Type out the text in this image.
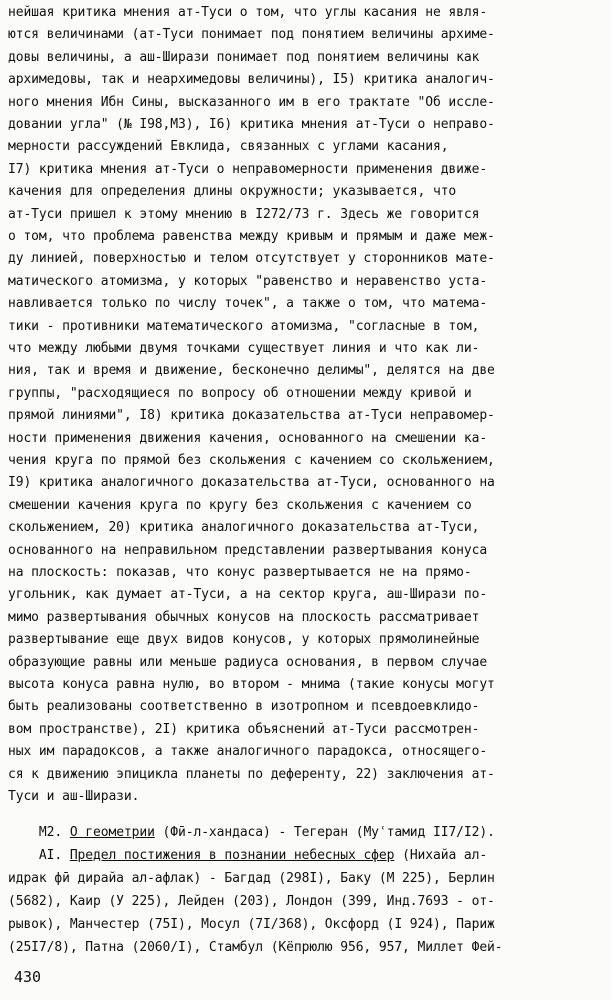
нейшая критика мнения ат-Туси о том, что углы касания не явля-
ются величинами (ат-Туси понимает под понятием величины архиме-
довы величины, а аш-Ширази понимает под понятием величины как
архимедовы, так и неархимедовы величины), I5) критика аналогич-
ного мнения Ибн Сины, высказанного им в его трактате "Об иссле-
довании угла" (№ I98,M3), I6) критика мнения ат-Туси о неправо-
мерности рассуждений Евклида, связанных с углами касания,
I7) критика мнения ат-Туси о неправомерности применения движе-
качения для определения длины окружности; указывается, что
ат-Туси пришел к этому мнению в I272/73 г. Здесь же говорится
о том, что проблема равенства между кривым и прямым и даже меж-
ду линией, поверхностью и телом отсутствует у сторонников мате-
матического атомизма, у которых "равенство и неравенство уста-
навливается только по числу точек", а также о том, что матема-
тики - противники математического атомизма, "согласные в том,
что между любыми двумя точками существует линия и что как ли-
ния, так и время и движение, бесконечно делимы", делятся на две
группы, "расходящиеся по вопросу об отношении между кривой и
прямой линиями", I8) критика доказательства ат-Туси неправомер-
ности применения движения качения, основанного на смешении ка-
чения круга по прямой без скольжения с качением со скольжением,
I9) критика аналогичного доказательства ат-Туси, основанного на
смешении качения круга по кругу без скольжения с качением со
скольжением, 20) критика аналогичного доказательства ат-Туси,
основанного на неправильном представлении развертывания конуса
на плоскость: показав, что конус развертывается не на прямо-
угольник, как думает ат-Туси, а на сектор круга, аш-Ширази по-
мимо развертывания обычных конусов на плоскость рассматривает
развертывание еще двух видов конусов, у которых прямолинейные
образующие равны или меньше радиуса основания, в первом случае
высота конуса равна нулю, во втором - мнима (такие конусы могут
быть реализованы соответственно в изотропном и псевдоевклидо-
вом пространстве), 2I) критика объяснений ат-Туси рассмотрен-
ных им парадоксов, а также аналогичного парадокса, относящего-
ся к движению эпицикла планеты по деференту, 22) заключения ат-
Туси и аш-Ширази.
M2. О геометрии (Фӣ-л-хандаса) - Тегеран (Муʿтамид II7/I2).
AI. Предел постижения в познании небесных сфер (Нихайа ал-
идрак фӣ дирайа ал-афлак) - Багдад (298I), Баку (М 225), Берлин
(5682), Каир (У 225), Лейден (203), Лондон (399, Инд.7693 - от-
рывок), Манчестер (75I), Мосул (7I/368), Оксфорд (I 924), Париж
(25I7/8), Патна (2060/I), Стамбул (Кёпрюлю 956, 957, Миллет Фей-
430
